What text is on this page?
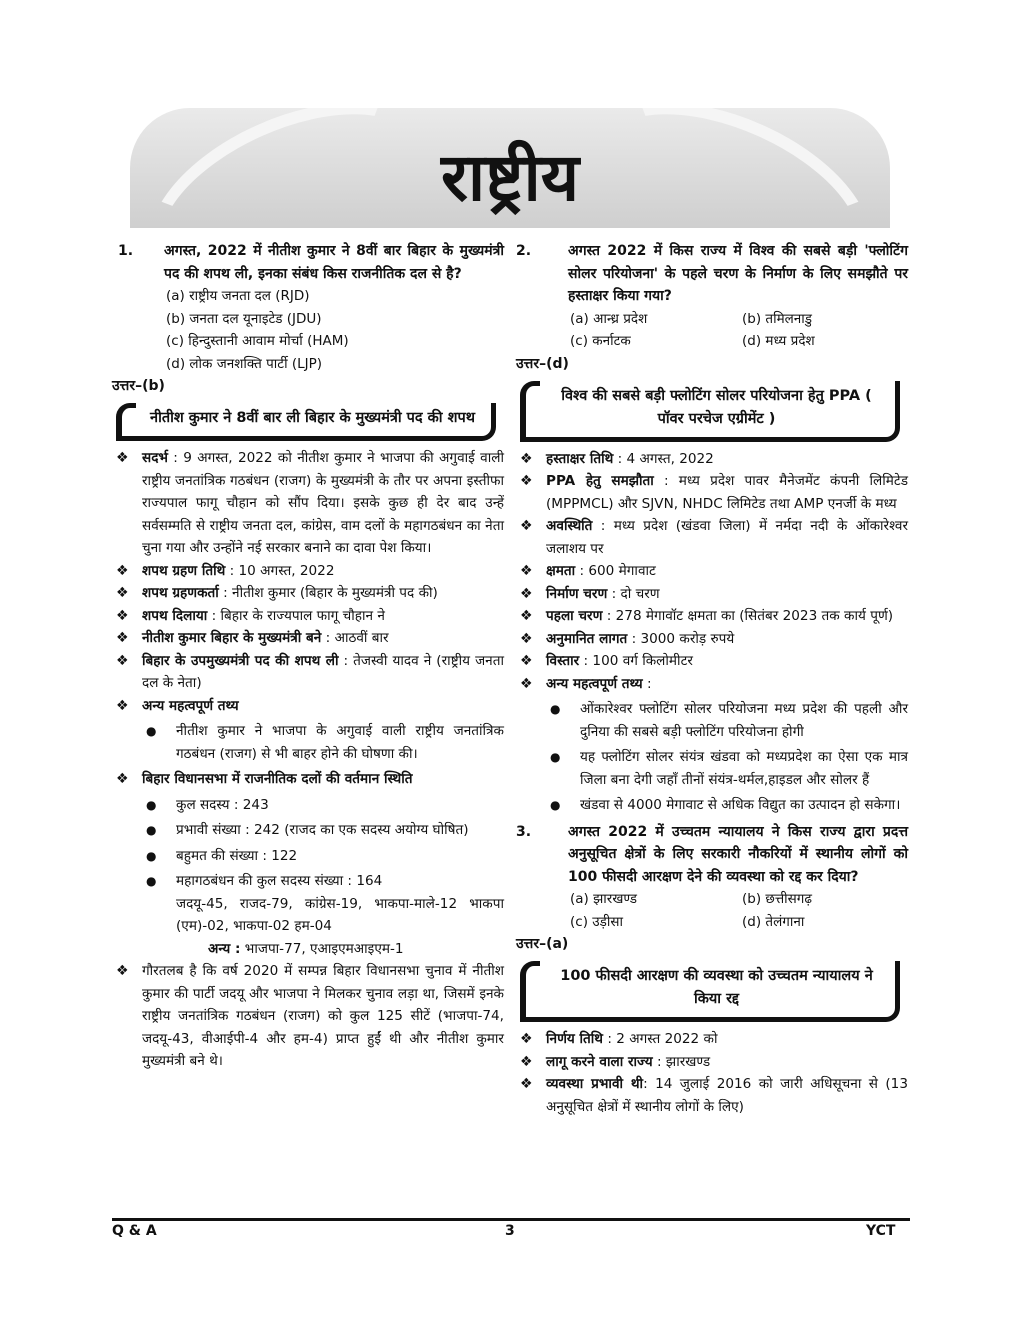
राष्ट्रीय
1. अगस्त, 2022 में नीतीश कुमार ने 8वीं बार बिहार के मुख्यमंत्री पद की शपथ ली, इनका संबंध किस राजनीतिक दल से है?
(a) राष्ट्रीय जनता दल (RJD)
(b) जनता दल यूनाइटेड (JDU)
(c) हिन्दुस्तानी आवाम मोर्चा (HAM)
(d) लोक जनशक्ति पार्टी (LJP)
उत्तर–(b)
नीतीश कुमार ने 8वीं बार ली बिहार के मुख्यमंत्री पद की शपथ
❖ सदर्भ : 9 अगस्त, 2022 को नीतीश कुमार ने भाजपा की अगुवाई वाली राष्ट्रीय जनतांत्रिक गठबंधन (राजग) के मुख्यमंत्री के तौर पर अपना इस्तीफा राज्यपाल फागू चौहान को सौंप दिया। इसके कुछ ही देर बाद उन्हें सर्वसम्मति से राष्ट्रीय जनता दल, कांग्रेस, वाम दलों के महागठबंधन का नेता चुना गया और उन्होंने नई सरकार बनाने का दावा पेश किया।
❖ शपथ ग्रहण तिथि : 10 अगस्त, 2022
❖ शपथ ग्रहणकर्ता : नीतीश कुमार (बिहार के मुख्यमंत्री पद की)
❖ शपथ दिलाया : बिहार के राज्यपाल फागू चौहान ने
❖ नीतीश कुमार बिहार के मुख्यमंत्री बने : आठवीं बार
❖ बिहार के उपमुख्यमंत्री पद की शपथ ली : तेजस्वी यादव ने (राष्ट्रीय जनता दल के नेता)
❖ अन्य महत्वपूर्ण तथ्य
● नीतीश कुमार ने भाजपा के अगुवाई वाली राष्ट्रीय जनतांत्रिक गठबंधन (राजग) से भी बाहर होने की घोषणा की।
❖ बिहार विधानसभा में राजनीतिक दलों की वर्तमान स्थिति
● कुल सदस्य : 243
● प्रभावी संख्या : 242 (राजद का एक सदस्य अयोग्य घोषित)
● बहुमत की संख्या : 122
● महागठबंधन की कुल सदस्य संख्या : 164
जदयू-45, राजद-79, कांग्रेस-19, भाकपा-माले-12 भाकपा (एम)-02, भाकपा-02 हम-04
अन्य : भाजपा-77, एआइएमआइएम-1
❖ गौरतलब है कि वर्ष 2020 में सम्पन्न बिहार विधानसभा चुनाव में नीतीश कुमार की पार्टी जदयू और भाजपा ने मिलकर चुनाव लड़ा था, जिसमें इनके राष्ट्रीय जनतांत्रिक गठबंधन (राजग) को कुल 125 सीटें (भाजपा-74, जदयू-43, वीआईपी-4 और हम-4) प्राप्त हुईं थी और नीतीश कुमार मुख्यमंत्री बने थे।
2.	अगस्त 2022 में किस राज्य में विश्व की सबसे बड़ी 'फ्लोटिंग सोलर परियोजना' के पहले चरण के निर्माण के लिए समझौते पर हस्ताक्षर किया गया?
(a) आन्ध्र प्रदेश	(b) तमिलनाडु
(c) कर्नाटक	(d) मध्य प्रदेश
उत्तर–(d)
विश्व की सबसे बड़ी फ्लोटिंग सोलर परियोजना हेतु PPA ( पॉवर परचेज एग्रीमेंट )
❖ हस्ताक्षर तिथि : 4 अगस्त, 2022
❖ PPA हेतु समझौता : मध्य प्रदेश पावर मैनेजमेंट कंपनी लिमिटेड (MPPMCL) और SJVN, NHDC लिमिटेड तथा AMP एनर्जी के मध्य
❖ अवस्थिति : मध्य प्रदेश (खंडवा जिला) में नर्मदा नदी के ओंकारेश्वर जलाशय पर
❖ क्षमता : 600 मेगावाट
❖ निर्माण चरण : दो चरण
❖ पहला चरण : 278 मेगावॉट क्षमता का (सितंबर 2023 तक कार्य पूर्ण)
❖ अनुमानित लागत : 3000 करोड़ रुपये
❖ विस्तार : 100 वर्ग किलोमीटर
❖ अन्य महत्वपूर्ण तथ्य :
● ओंकारेश्वर फ्लोटिंग सोलर परियोजना मध्य प्रदेश की पहली और दुनिया की सबसे बड़ी फ्लोटिंग परियोजना होगी
● यह फ्लोटिंग सोलर संयंत्र खंडवा को मध्यप्रदेश का ऐसा एक मात्र जिला बना देगी जहाँ तीनों संयंत्र-थर्मल,हाइडल और सोलर हैं
● खंडवा से 4000 मेगावाट से अधिक विद्युत का उत्पादन हो सकेगा।
3.	अगस्त 2022 में उच्चतम न्यायालय ने किस राज्य द्वारा प्रदत्त अनुसूचित क्षेत्रों के लिए सरकारी नौकरियों में स्थानीय लोगों को 100 फीसदी आरक्षण देने की व्यवस्था को रद्द कर दिया?
(a) झारखण्ड	(b) छत्तीसगढ़
(c) उड़ीसा	(d) तेलंगाना
उत्तर–(a)
100 फीसदी आरक्षण की व्यवस्था को उच्चतम न्यायालय ने किया रद्द
❖ निर्णय तिथि : 2 अगस्त 2022 को
❖ लागू करने वाला राज्य : झारखण्ड
❖ व्यवस्था प्रभावी थी: 14 जुलाई 2016 को जारी अधिसूचना से (13 अनुसूचित क्षेत्रों में स्थानीय लोगों के लिए)
Q & A	3	YCT
